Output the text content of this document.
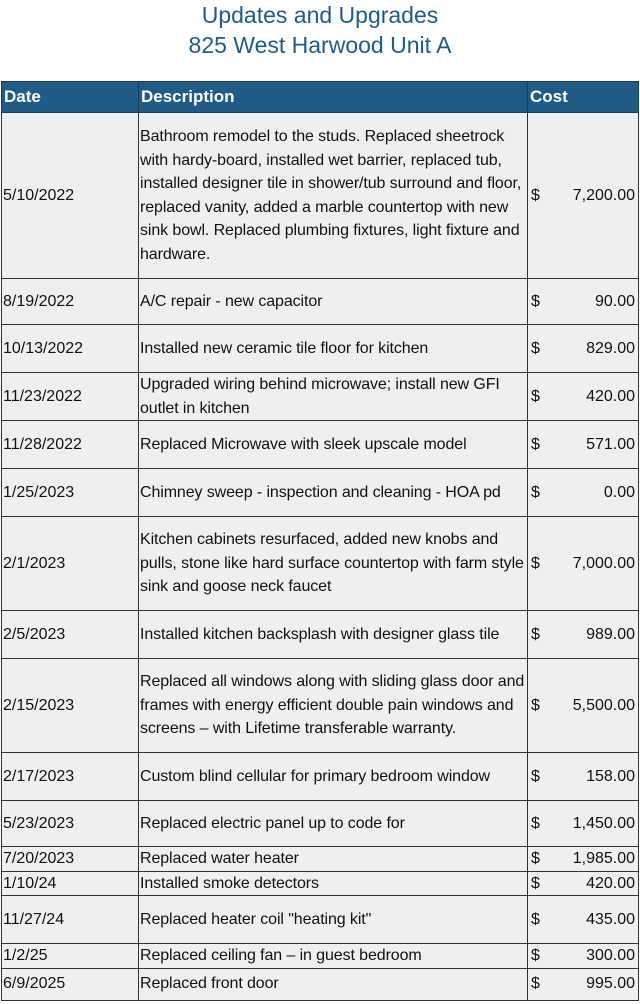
Updates and Upgrades
825 West Harwood Unit A
Date	Description	Cost
5/10/2022	Bathroom remodel to the studs. Replaced sheetrock with hardy-board, installed wet barrier, replaced tub, installed designer tile in shower/tub surround and floor, replaced vanity, added a marble countertop with new sink bowl. Replaced plumbing fixtures, light fixture and hardware.	$ 7,200.00

8/19/2022	A/C repair - new capacitor	$ 90.00

10/13/2022	Installed new ceramic tile floor for kitchen	$ 829.00

11/23/2022	Upgraded wiring behind microwave; install new GFI outlet in kitchen	$ 420.00

11/28/2022	Replaced Microwave with sleek upscale model	$ 571.00

1/25/2023	Chimney sweep - inspection and cleaning - HOA pd	$ 0.00

2/1/2023	Kitchen cabinets resurfaced, added new knobs and pulls, stone like hard surface countertop with farm style sink and goose neck faucet	$ 7,000.00

2/5/2023	Installed kitchen backsplash with designer glass tile	$ 989.00

2/15/2023	Replaced all windows along with sliding glass door and frames with energy efficient double pain windows and screens – with Lifetime transferable warranty.	$ 5,500.00

2/17/2023	Custom blind cellular for primary bedroom window	$ 158.00

5/23/2023	Replaced electric panel up to code for	$ 1,450.00

7/20/2023	Replaced water heater	$ 1,985.00

1/10/24	Installed smoke detectors	$ 420.00

11/27/24	Replaced heater coil "heating kit"	$ 435.00

1/2/25	Replaced ceiling fan – in guest bedroom	$ 300.00

6/9/2025	Replaced front door	$ 995.00
